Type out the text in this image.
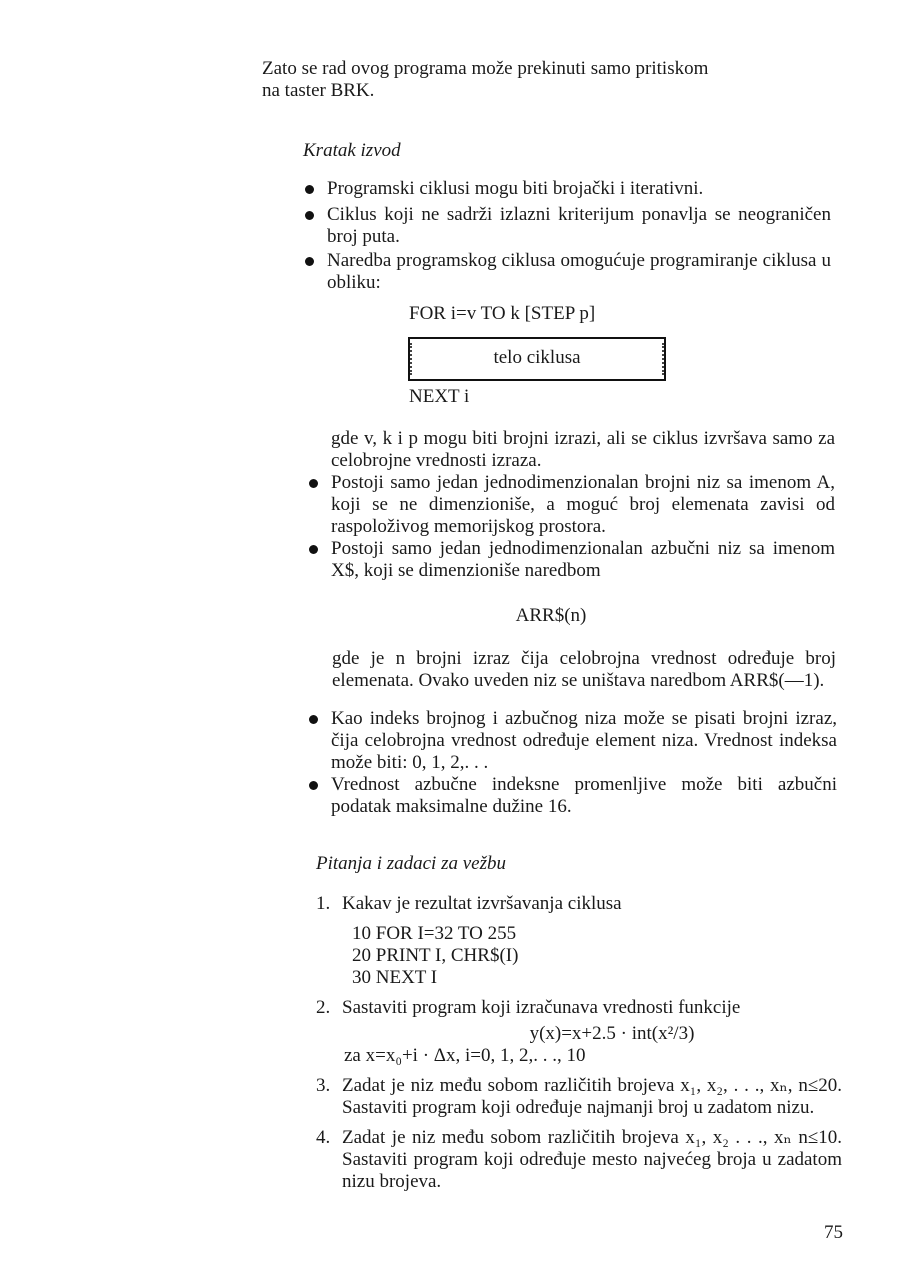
Zato se rad ovog programa može prekinuti samo pritiskom

na taster BRK.

Kratak izvod

Programski ciklusi mogu biti brojački i iterativni.
Ciklus koji ne sadrži izlazni kriterijum ponavlja se neograničen broj puta.
Naredba programskog ciklusa omogućuje programiranje ciklusa u obliku:
FOR i=v TO k [STEP p]
telo ciklusa
NEXT i

gde v, k i p mogu biti brojni izrazi, ali se ciklus izvršava samo za celobrojne vrednosti izraza.

Postoji samo jedan jednodimenzionalan brojni niz sa imenom A, koji se ne dimenzioniše, a moguć broj elemenata zavisi od raspoloživog memorijskog prostora.
Postoji samo jedan jednodimenzionalan azbučni niz sa imenom X$, koji se dimenzioniše naredbom
ARR$(n)

gde je n brojni izraz čija celobrojna vrednost određuje broj elemenata. Ovako uveden niz se uništava naredbom ARR$(—1).

Kao indeks brojnog i azbučnog niza može se pisati brojni izraz, čija celobrojna vrednost određuje element niza. Vrednost indeksa može biti: 0, 1, 2,. . .
Vrednost azbučne indeksne promenljive može biti azbučni podatak maksimalne dužine 16.

Pitanja i zadaci za vežbu

1. Kakav je rezultat izvršavanja ciklusa
10 FOR I=32 TO 255
20 PRINT I, CHR$(I)
30 NEXT I
2. Sastaviti program koji izračunava vrednosti funkcije
y(x)=x+2.5 · int(x²/3)
za x=x₀+i · Δx, i=0, 1, 2,. . ., 10
3. Zadat je niz među sobom različitih brojeva x₁, x₂, . . ., xₙ, n≤20. Sastaviti program koji određuje najmanji broj u zadatom nizu.
4. Zadat je niz među sobom različitih brojeva x₁, x₂ . . ., xₙ n≤10. Sastaviti program koji određuje mesto najvećeg broja u zadatom nizu brojeva.
75
